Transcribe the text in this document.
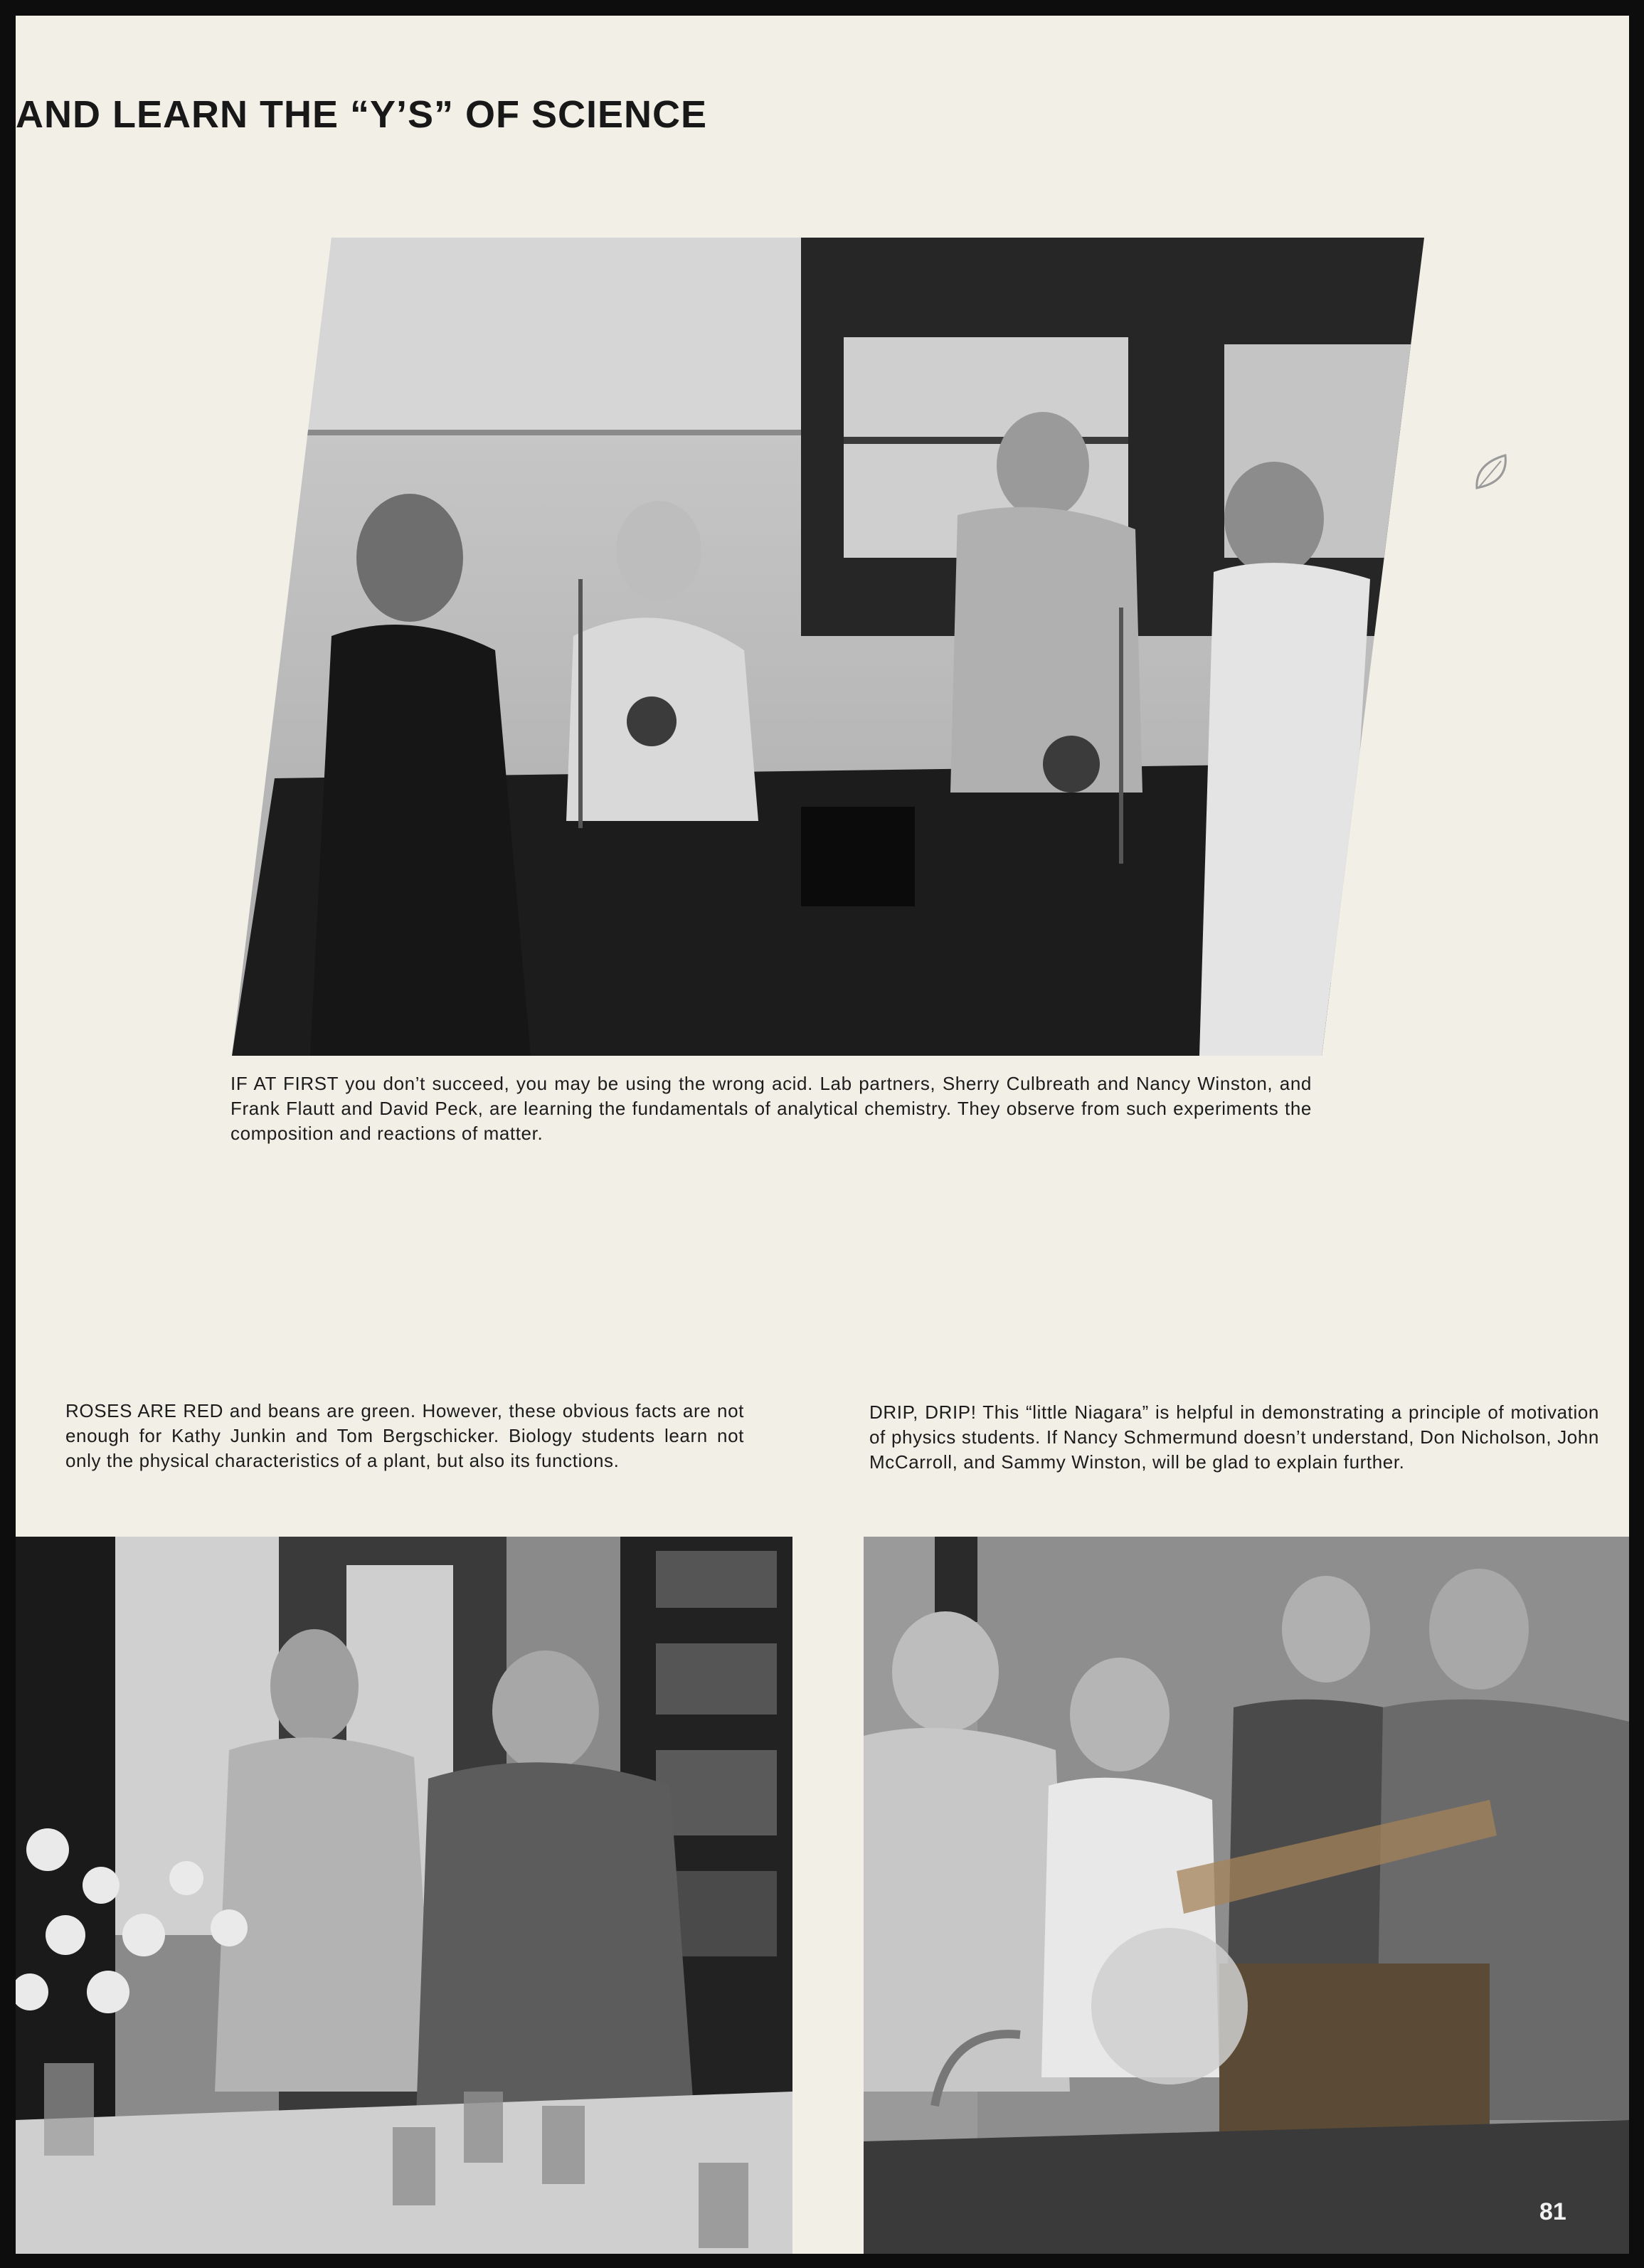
AND LEARN THE “Y’S” OF SCIENCE
IF AT FIRST you don’t succeed, you may be using the wrong acid. Lab partners, Sherry Culbreath and Nancy Winston, and Frank Flautt and David Peck, are learning the fundamentals of analytical chemistry. They observe from such experiments the composition and reactions of matter.
ROSES ARE RED and beans are green. However, these obvious facts are not enough for Kathy Junkin and Tom Bergschicker. Biology students learn not only the physical characteristics of a plant, but also its functions.
DRIP, DRIP! This “little Niagara” is helpful in demonstrating a principle of motivation of physics students. If Nancy Schmermund doesn’t understand, Don Nicholson, John McCarroll, and Sammy Winston, will be glad to explain further.
81
